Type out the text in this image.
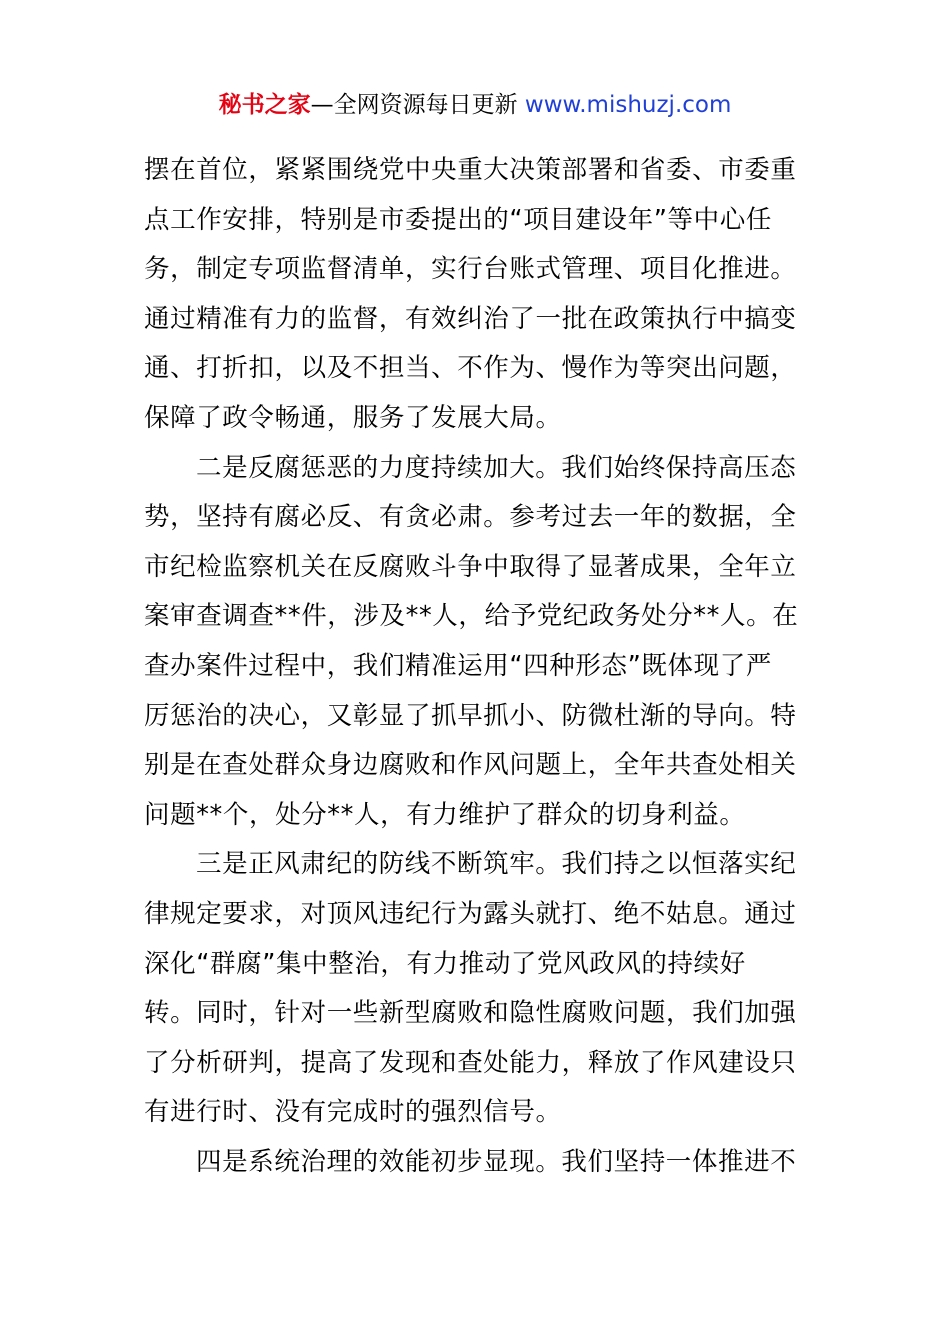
秘书之家—全网资源每日更新 www.mishuzj.com
摆在首位，紧紧围绕党中央重大决策部署和省委、市委重
点工作安排，特别是市委提出的“项目建设年”等中心任
务，制定专项监督清单，实行台账式管理、项目化推进。
通过精准有力的监督，有效纠治了一批在政策执行中搞变
通、打折扣，以及不担当、不作为、慢作为等突出问题，
保障了政令畅通，服务了发展大局。
二是反腐惩恶的力度持续加大。我们始终保持高压态
势，坚持有腐必反、有贪必肃。参考过去一年的数据，全
市纪检监察机关在反腐败斗争中取得了显著成果，全年立
案审查调查**件，涉及**人，给予党纪政务处分**人。在
查办案件过程中，我们精准运用“四种形态”既体现了严
厉惩治的决心，又彰显了抓早抓小、防微杜渐的导向。特
别是在查处群众身边腐败和作风问题上，全年共查处相关
问题**个，处分**人，有力维护了群众的切身利益。
三是正风肃纪的防线不断筑牢。我们持之以恒落实纪
律规定要求，对顶风违纪行为露头就打、绝不姑息。通过
深化“群腐”集中整治，有力推动了党风政风的持续好
转。同时，针对一些新型腐败和隐性腐败问题，我们加强
了分析研判，提高了发现和查处能力，释放了作风建设只
有进行时、没有完成时的强烈信号。
四是系统治理的效能初步显现。我们坚持一体推进不
